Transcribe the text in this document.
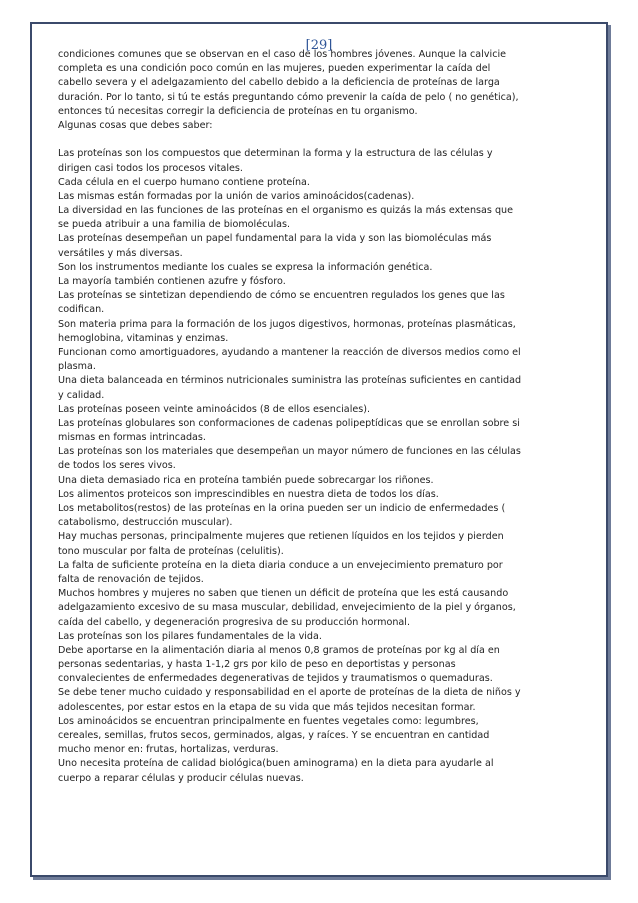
[29]
condiciones comunes que se observan en el caso de los hombres jóvenes. Aunque la calvicie
completa es una condición poco común en las mujeres, pueden experimentar la caída del
cabello severa y el adelgazamiento del cabello debido a la deficiencia de proteínas de larga
duración. Por lo tanto, si tú te estás preguntando cómo prevenir la caída de pelo ( no genética),
entonces tú necesitas corregir la deficiencia de proteínas en tu organismo.
Algunas cosas que debes saber:
Las proteínas son los compuestos que determinan la forma y la estructura de las células y
dirigen casi todos los procesos vitales.
Cada célula en el cuerpo humano contiene proteína.
Las mismas están formadas por la unión de varios aminoácidos(cadenas).
La diversidad en las funciones de las proteínas en el organismo es quizás la más extensas que
se pueda atribuir a una familia de biomoléculas.
Las proteínas desempeñan un papel fundamental para la vida y son las biomoléculas más
versátiles y más diversas.
Son los instrumentos mediante los cuales se expresa la información genética.
La mayoría también contienen azufre y fósforo.
Las proteínas se sintetizan dependiendo de cómo se encuentren regulados los genes que las
codifican.
Son materia prima para la formación de los jugos digestivos, hormonas, proteínas plasmáticas,
hemoglobina, vitaminas y enzimas.
Funcionan como amortiguadores, ayudando a mantener la reacción de diversos medios como el
plasma.
Una dieta balanceada en términos nutricionales suministra las proteínas suficientes en cantidad
y calidad.
Las proteínas poseen veinte aminoácidos (8 de ellos esenciales).
Las proteínas globulares son conformaciones de cadenas polipeptídicas que se enrollan sobre si
mismas en formas intrincadas.
Las proteínas son los materiales que desempeñan un mayor número de funciones en las células
de todos los seres vivos.
Una dieta demasiado rica en proteína también puede sobrecargar los riñones.
Los alimentos proteicos son imprescindibles en nuestra dieta de todos los días.
Los metabolitos(restos) de las proteínas en la orina pueden ser un indicio de enfermedades (
catabolismo, destrucción muscular).
Hay muchas personas, principalmente mujeres que retienen líquidos en los tejidos y pierden
tono muscular por falta de proteínas (celulitis).
La falta de suficiente proteína en la dieta diaria conduce a un envejecimiento prematuro por
falta de renovación de tejidos.
Muchos hombres y mujeres no saben que tienen un déficit de proteína que les está causando
adelgazamiento excesivo de su masa muscular, debilidad, envejecimiento de la piel y órganos,
caída del cabello, y degeneración progresiva de su producción hormonal.
Las proteínas son los pilares fundamentales de la vida.
Debe aportarse en la alimentación diaria al menos 0,8 gramos de proteínas por kg al día en
personas sedentarias, y hasta 1-1,2 grs por kilo de peso en deportistas y personas
convalecientes de enfermedades degenerativas de tejidos y traumatismos o quemaduras.
Se debe tener mucho cuidado y responsabilidad en el aporte de proteínas de la dieta de niños y
adolescentes, por estar estos en la etapa de su vida que más tejidos necesitan formar.
Los aminoácidos se encuentran principalmente en fuentes vegetales como: legumbres,
cereales, semillas, frutos secos, germinados, algas, y raíces. Y se encuentran en cantidad
mucho menor en: frutas, hortalizas, verduras.
Uno necesita proteína de calidad biológica(buen aminograma) en la dieta para ayudarle al
cuerpo a reparar células y producir células nuevas.
